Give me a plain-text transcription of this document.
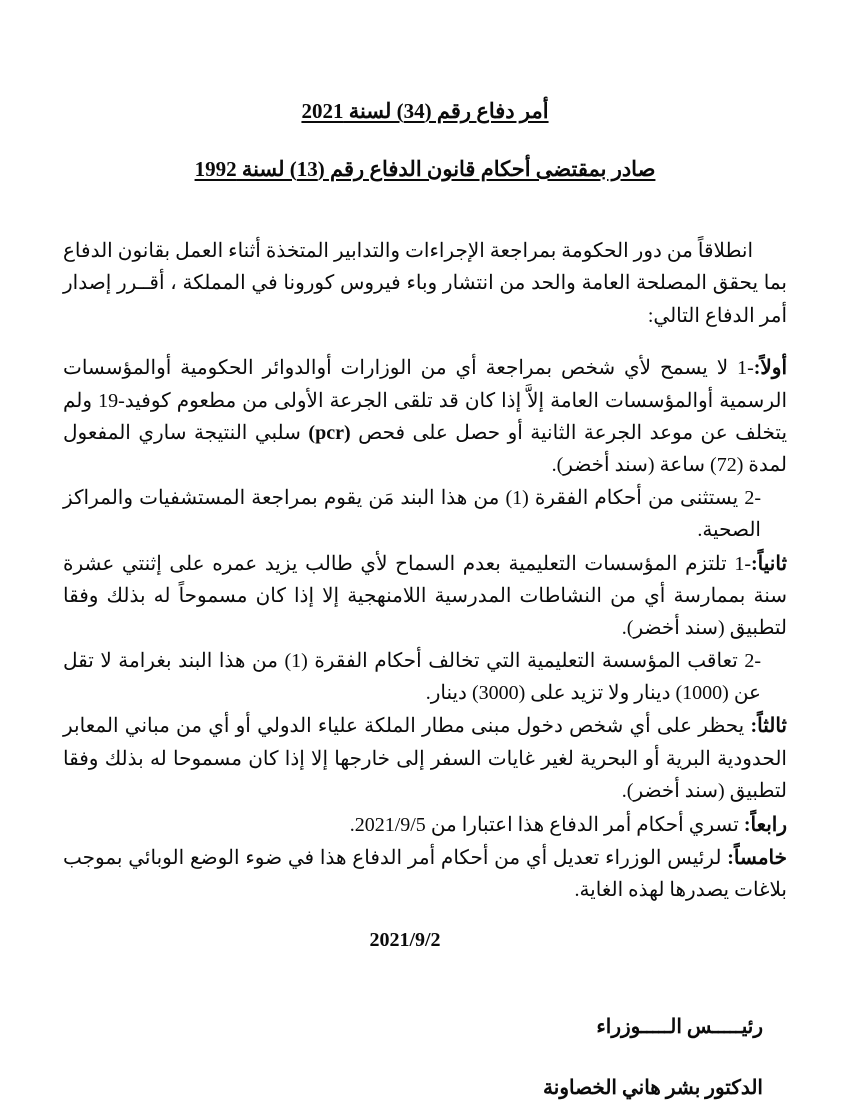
أمر دفاع رقم (34) لسنة 2021
صادر بمقتضى أحكام قانون الدفاع رقم (13) لسنة 1992

انطلاقاً من دور الحكومة بمراجعة الإجراءات والتدابير المتخذة أثناء العمل بقانون الدفاع بما يحقق المصلحة العامة والحد من انتشار وباء فيروس كورونا في المملكة ، أقــرر إصدار أمر الدفاع التالي:

أولاً:1- لا يسمح لأي شخص بمراجعة أي من الوزارات أوالدوائر الحكومية أوالمؤسسات الرسمية أوالمؤسسات العامة إلاَّ إذا كان قد تلقى الجرعة الأولى من مطعوم كوفيد-19 ولم يتخلف عن موعد الجرعة الثانية أو حصل على فحص (pcr) سلبي النتيجة ساري المفعول لمدة (72) ساعة (سند أخضر).
2- يستثنى من أحكام الفقرة (1) من هذا البند مَن يقوم بمراجعة المستشفيات والمراكز الصحية.
ثانياً:1- تلتزم المؤسسات التعليمية بعدم السماح لأي طالب يزيد عمره على إثنتي عشرة سنة بممارسة أي من النشاطات المدرسية اللامنهجية إلا إذا كان مسموحاً له بذلك وفقا لتطبيق (سند أخضر).
2- تعاقب المؤسسة التعليمية التي تخالف أحكام الفقرة (1) من هذا البند بغرامة لا تقل عن (1000) دينار ولا تزيد على (3000) دينار.
ثالثاً: يحظر على أي شخص دخول مبنى مطار الملكة علياء الدولي أو أي من مباني المعابر الحدودية البرية أو البحرية لغير غايات السفر إلى خارجها إلا إذا كان مسموحا له بذلك وفقا لتطبيق (سند أخضر).
رابعاً: تسري أحكام أمر الدفاع هذا اعتبارا من 2021/9/5.
خامساً: لرئيس الوزراء تعديل أي من أحكام أمر الدفاع هذا في ضوء الوضع الوبائي بموجب بلاغات يصدرها لهذه الغاية.
2021/9/2
رئيـــــس الـــــوزراء
الدكتور بشر هاني الخصاونة
